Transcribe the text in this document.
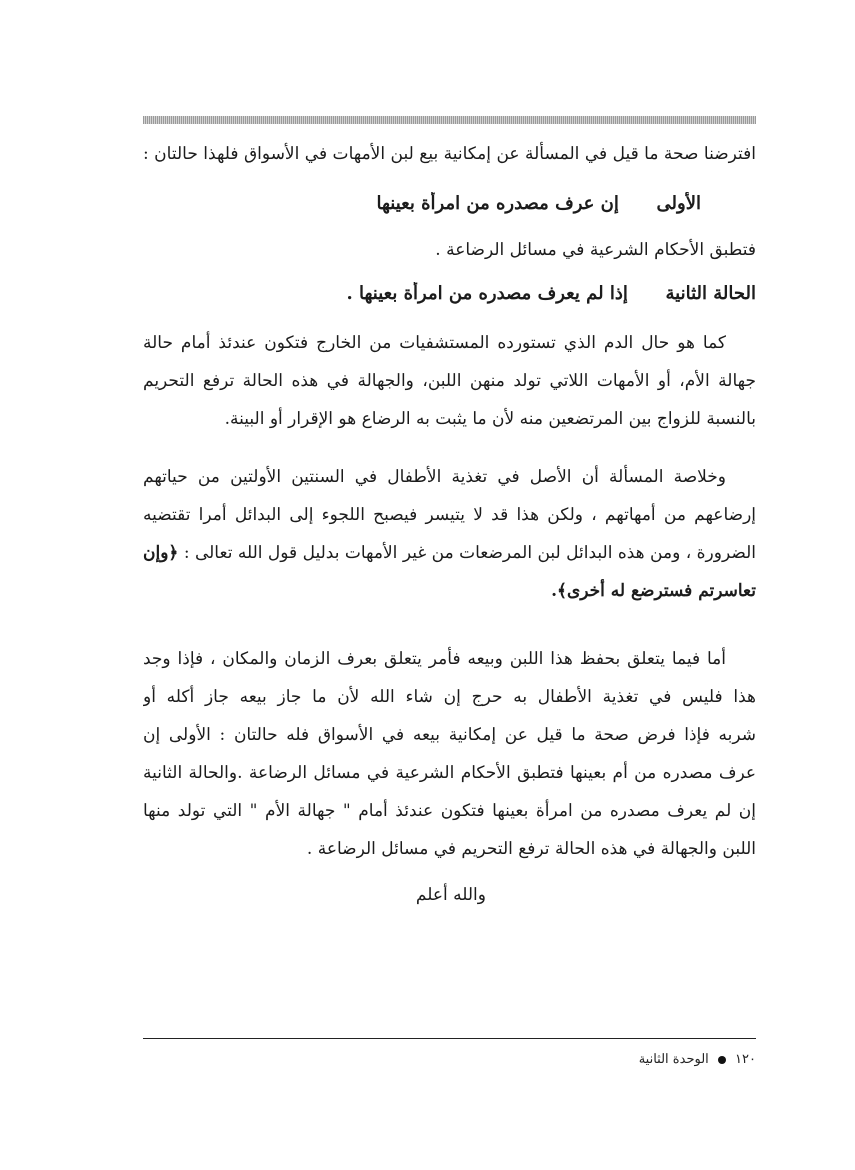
افترضنا صحة ما قيل في المسألة عن إمكانية بيع لبن الأمهات في الأسواق فلهذا حالتان :
الأولى      إن عرف مصدره من امرأة بعينها
فتطبق الأحكام الشرعية في مسائل الرضاعة .
الحالة الثانية      إذا لم يعرف مصدره من امرأة بعينها .
كما هو حال الدم الذي تستورده المستشفيات من الخارج فتكون عندئذ أمام حالة
جهالة الأم، أو الأمهات اللاتي تولد منهن اللبن، والجهالة في هذه الحالة ترفع التحريم
بالنسبة للزواج بين المرتضعين منه لأن ما يثبت به الرضاع هو الإقرار أو البينة.
وخلاصة المسألة أن الأصل في تغذية الأطفال في السنتين الأولتين من حياتهم
إرضاعهم من أمهاتهم ، ولكن هذا قد لا يتيسر فيصبح اللجوء إلى البدائل أمرا تقتضيه
الضرورة ، ومن هذه البدائل لبن المرضعات من غير الأمهات بدليل قول الله تعالى : ﴿وإن
تعاسرتم فسترضع له أخرى﴾.
أما فيما يتعلق بحفظ هذا اللبن وبيعه فأمر يتعلق بعرف الزمان والمكان ، فإذا وجد
هذا فليس في تغذية الأطفال به حرج إن شاء الله لأن ما جاز بيعه جاز أكله أو
شربه فإذا فرض صحة ما قيل عن إمكانية بيعه في الأسواق فله حالتان : الأولى إن
عرف مصدره من أم بعينها فتطبق الأحكام الشرعية في مسائل الرضاعة .والحالة الثانية
إن لم يعرف مصدره من امرأة بعينها فتكون عندئذ أمام " جهالة الأم " التي تولد منها
اللبن والجهالة في هذه الحالة ترفع التحريم في مسائل الرضاعة .
والله أعلم
١٢٠  الوحدة الثانية
